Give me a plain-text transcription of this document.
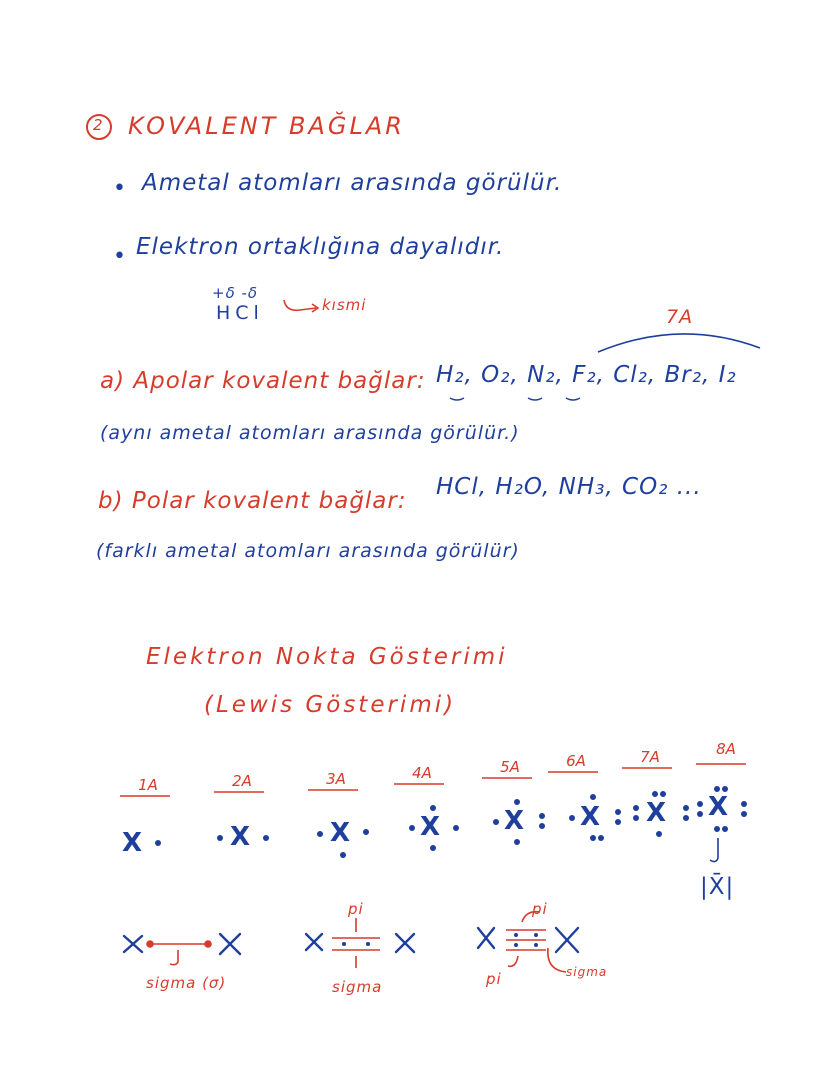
2 KOVALENT BAĞLAR
• Ametal atomları arasında görülür.
• Elektron ortaklığına dayalıdır.
+δ -δ
HCl	kısmi
7A
a) Apolar kovalent bağlar: H₂, O₂, N₂, F₂, Cl₂, Br₂, I₂
(aynı ametal atomları arasında görülür.)
b) Polar kovalent bağlar:
HCl, H₂O, NH₃, CO₂ ...
(farklı ametal atomları arasında görülür)
Elektron Nokta Gösterimi
(Lewis Gösterimi)
1A	2A	3A	4A	5A	6A	7A	8A
X	X	X	X X X X X
|X̄|
sigma (σ)
pi
sigma
pi
pi	sigma
